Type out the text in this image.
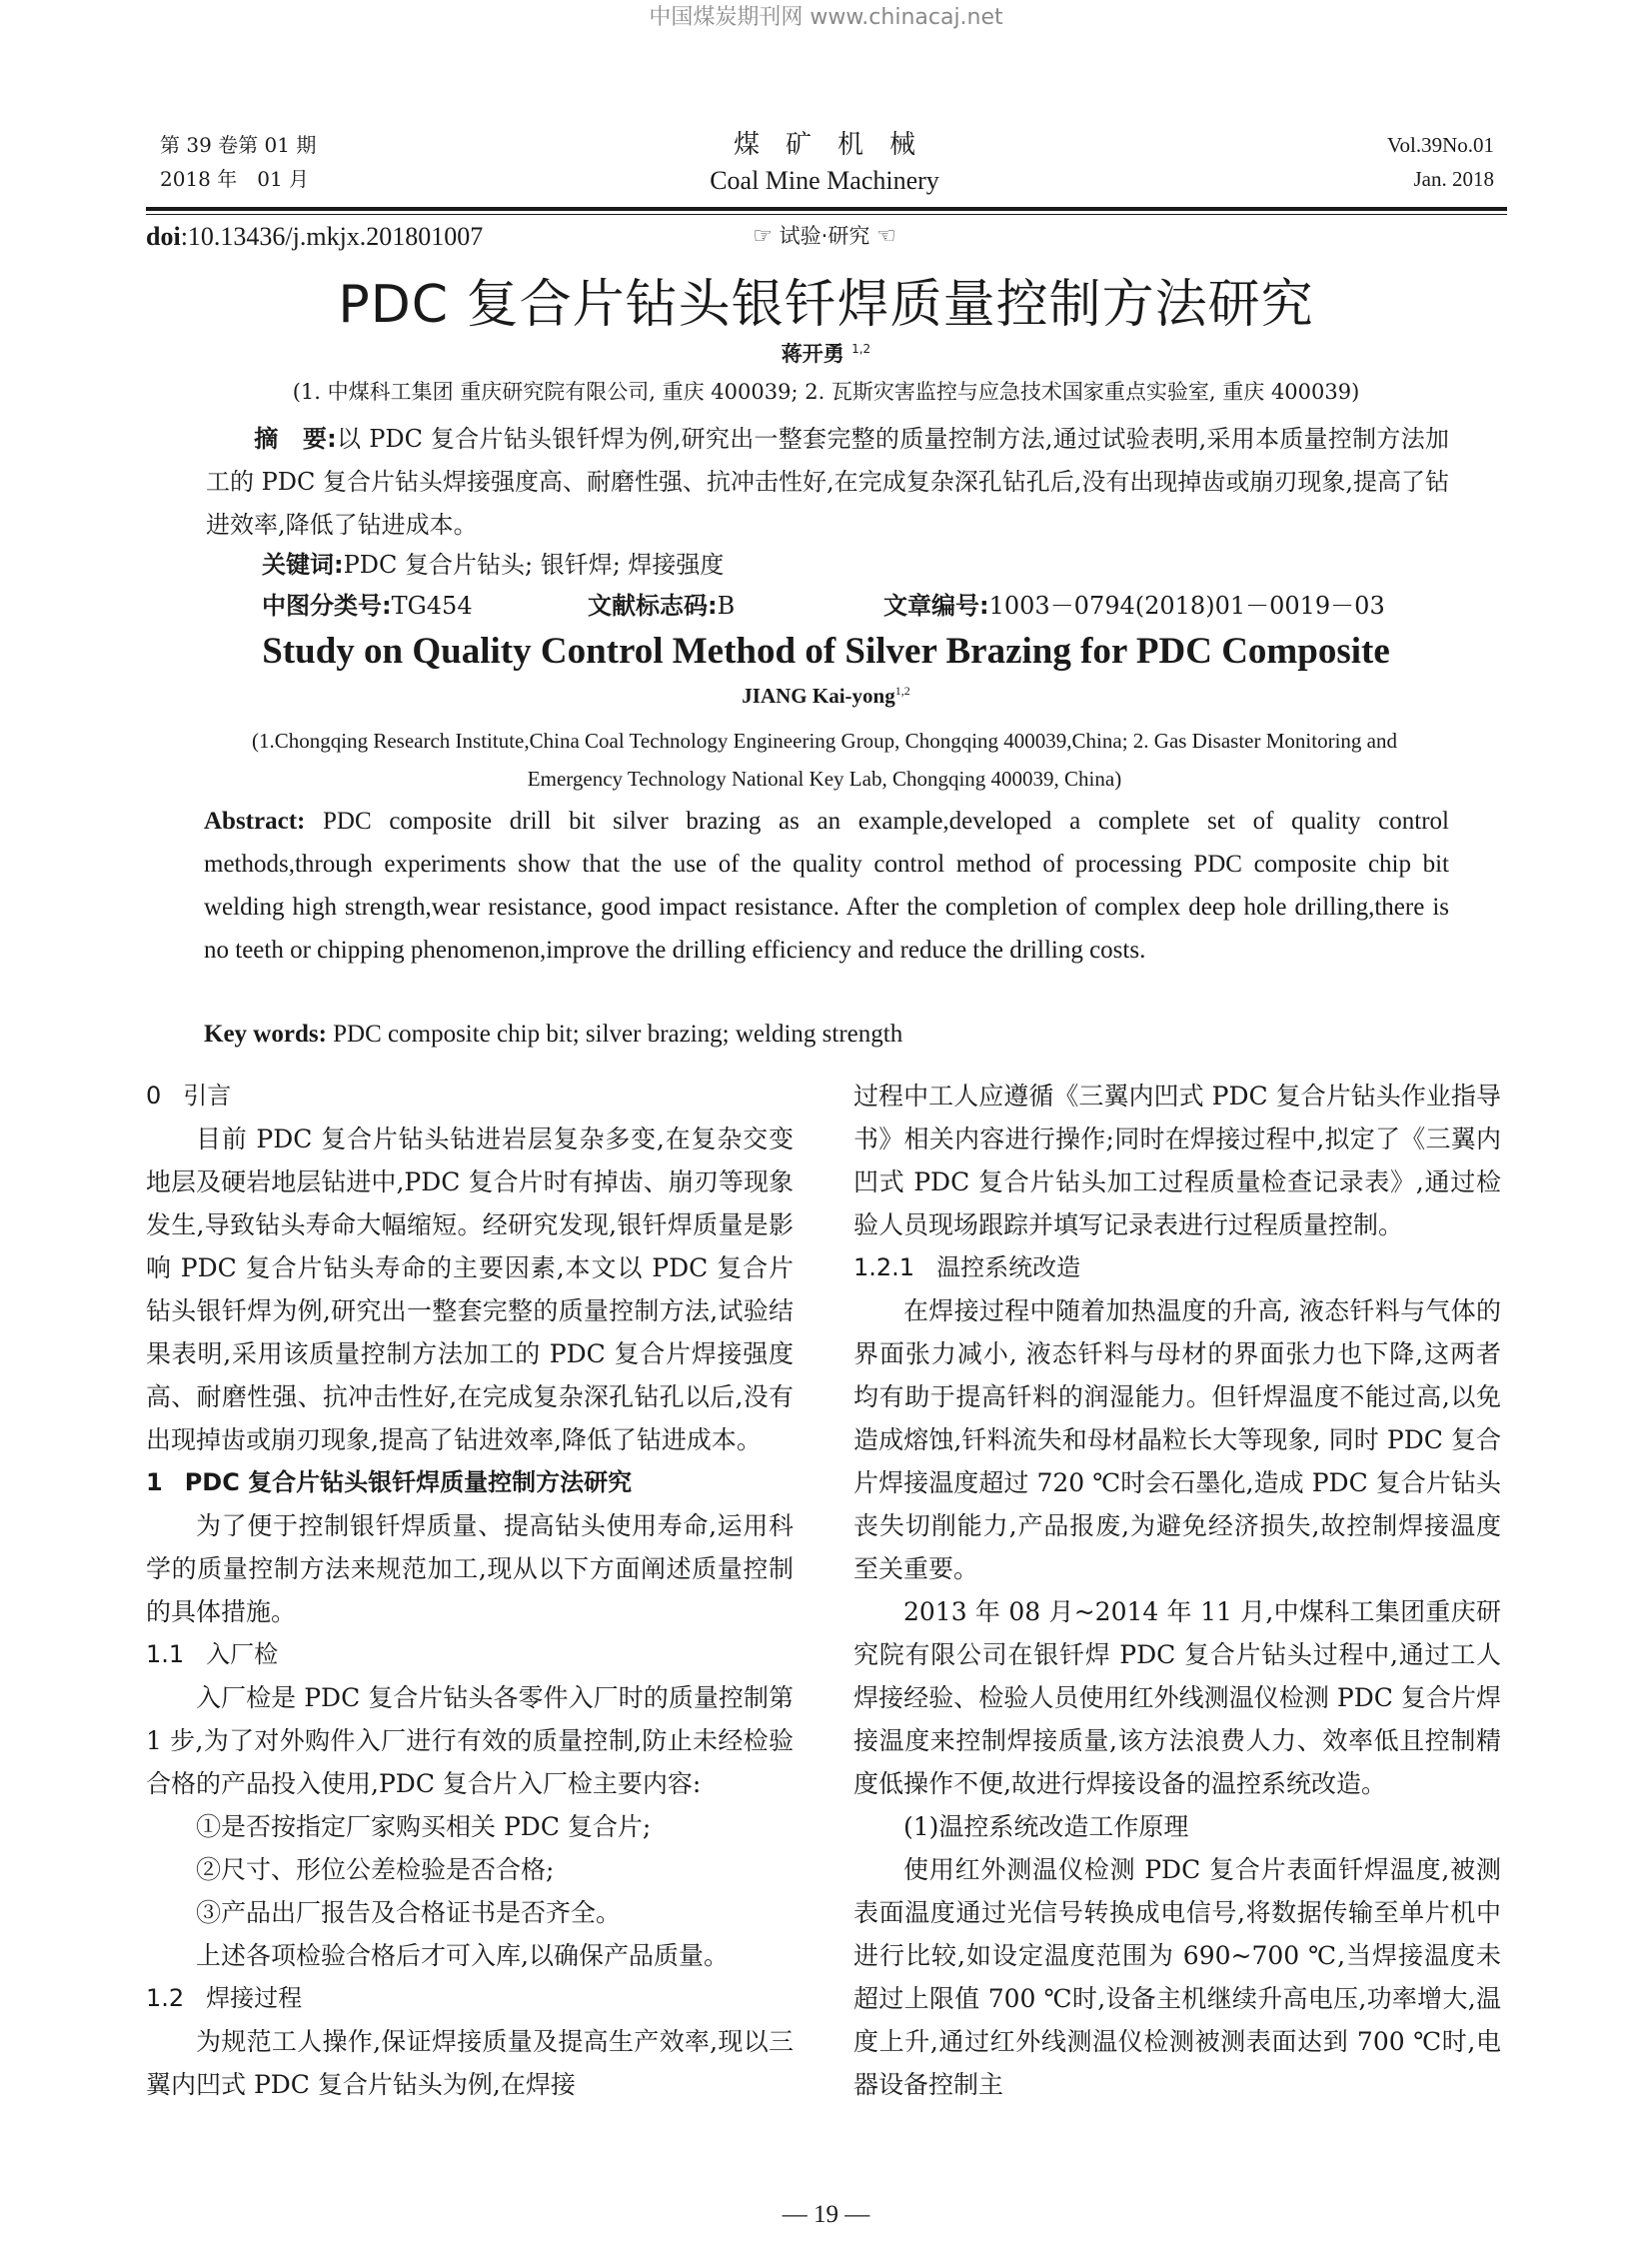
中国煤炭期刊网 www.chinacaj.net
第 39 卷第 01 期
2018 年　01 月
煤矿机械
Coal Mine Machinery
Vol.39No.01
Jan. 2018
doi:10.13436/j.mkjx.201801007	☞ 试验·研究 ☜
PDC 复合片钻头银钎焊质量控制方法研究
蒋开勇 $^{1,2}$
(1. 中煤科工集团 重庆研究院有限公司, 重庆 400039; 2. 瓦斯灾害监控与应急技术国家重点实验室, 重庆 400039)
摘　要:以 PDC 复合片钻头银钎焊为例,研究出一整套完整的质量控制方法,通过试验表明,采用本质量控制方法加工的 PDC 复合片钻头焊接强度高、耐磨性强、抗冲击性好,在完成复杂深孔钻孔后,没有出现掉齿或崩刃现象,提高了钻进效率,降低了钻进成本。
关键词:PDC 复合片钻头; 银钎焊; 焊接强度
中图分类号:TG454	文献标志码:B	文章编号:1003－0794(2018)01－0019－03
Study on Quality Control Method of Silver Brazing for PDC Composite
JIANG Kai-yong$^{1,2}$
(1.Chongqing Research Institute,China Coal Technology Engineering Group, Chongqing 400039,China; 2. Gas Disaster Monitoring and Emergency Technology National Key Lab, Chongqing 400039, China)
Abstract: PDC composite drill bit silver brazing as an example,developed a complete set of quality control methods,through experiments show that the use of the quality control method of processing PDC composite chip bit welding high strength,wear resistance, good impact resistance. After the completion of complex deep hole drilling,there is no teeth or chipping phenomenon,improve the drilling efficiency and reduce the drilling costs.
Key words: PDC composite chip bit; silver brazing; welding strength
0 引言

目前 PDC 复合片钻头钻进岩层复杂多变,在复杂交变地层及硬岩地层钻进中,PDC 复合片时有掉齿、崩刃等现象发生,导致钻头寿命大幅缩短。经研究发现,银钎焊质量是影响 PDC 复合片钻头寿命的主要因素,本文以 PDC 复合片钻头银钎焊为例,研究出一整套完整的质量控制方法,试验结果表明,采用该质量控制方法加工的 PDC 复合片焊接强度高、耐磨性强、抗冲击性好,在完成复杂深孔钻孔以后,没有出现掉齿或崩刃现象,提高了钻进效率,降低了钻进成本。

1 PDC 复合片钻头银钎焊质量控制方法研究

为了便于控制银钎焊质量、提高钻头使用寿命,运用科学的质量控制方法来规范加工,现从以下方面阐述质量控制的具体措施。

1.1 入厂检

入厂检是 PDC 复合片钻头各零件入厂时的质量控制第 1 步,为了对外购件入厂进行有效的质量控制,防止未经检验合格的产品投入使用,PDC 复合片入厂检主要内容:

①是否按指定厂家购买相关 PDC 复合片;
②尺寸、形位公差检验是否合格;
③产品出厂报告及合格证书是否齐全。

上述各项检验合格后才可入库,以确保产品质量。

1.2 焊接过程

为规范工人操作,保证焊接质量及提高生产效率,现以三翼内凹式 PDC 复合片钻头为例,在焊接

过程中工人应遵循《三翼内凹式 PDC 复合片钻头作业指导书》相关内容进行操作;同时在焊接过程中,拟定了《三翼内凹式 PDC 复合片钻头加工过程质量检查记录表》,通过检验人员现场跟踪并填写记录表进行过程质量控制。

1.2.1 温控系统改造

在焊接过程中随着加热温度的升高, 液态钎料与气体的界面张力减小, 液态钎料与母材的界面张力也下降,这两者均有助于提高钎料的润湿能力。但钎焊温度不能过高,以免造成熔蚀,钎料流失和母材晶粒长大等现象, 同时 PDC 复合片焊接温度超过 720 ℃时会石墨化,造成 PDC 复合片钻头丧失切削能力,产品报废,为避免经济损失,故控制焊接温度至关重要。

2013 年 08 月~2014 年 11 月,中煤科工集团重庆研究院有限公司在银钎焊 PDC 复合片钻头过程中,通过工人焊接经验、检验人员使用红外线测温仪检测 PDC 复合片焊接温度来控制焊接质量,该方法浪费人力、效率低且控制精度低操作不便,故进行焊接设备的温控系统改造。

(1)温控系统改造工作原理

使用红外测温仪检测 PDC 复合片表面钎焊温度,被测表面温度通过光信号转换成电信号,将数据传输至单片机中进行比较,如设定温度范围为 690~700 ℃,当焊接温度未超过上限值 700 ℃时,设备主机继续升高电压,功率增大,温度上升,通过红外线测温仪检测被测表面达到 700 ℃时,电器设备控制主

— 19 —
